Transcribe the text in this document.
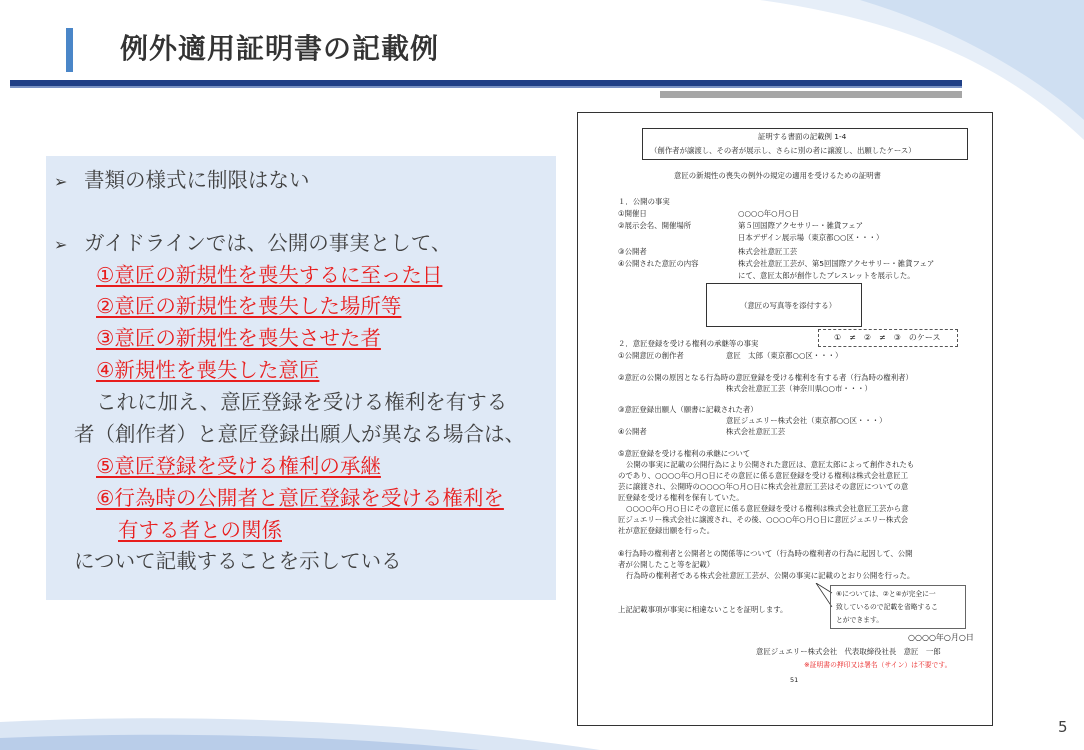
例外適用証明書の記載例
➢ 書類の様式に制限はない
➢ ガイドラインでは、公開の事実として、
①意匠の新規性を喪失するに至った日
②意匠の新規性を喪失した場所等
③意匠の新規性を喪失させた者
④新規性を喪失した意匠
これに加え、意匠登録を受ける権利を有する
者（創作者）と意匠登録出願人が異なる場合は、
⑤意匠登録を受ける権利の承継
⑥行為時の公開者と意匠登録を受ける権利を
有する者との関係
について記載することを示している
証明する書面の記載例 1-4
（創作者が譲渡し、その者が展示し、さらに別の者に譲渡し、出願したケース）
意匠の新規性の喪失の例外の規定の適用を受けるための証明書
１．公開の事実
①開催日	○○○○年○月○日
②展示会名、開催場所	第５回国際アクセサリー・雑貨フェア
日本デザイン展示場（東京都○○区・・・）
③公開者	株式会社意匠工芸
④公開された意匠の内容	株式会社意匠工芸が、第5回国際アクセサリー・雑貨フェア
にて、意匠太郎が創作したブレスレットを展示した。
（意匠の写真等を添付する）
①　≠　②　≠　③　のケース
２．意匠登録を受ける権利の承継等の事実
①公開意匠の創作者	意匠　太郎（東京都○○区・・・）
②意匠の公開の原因となる行為時の意匠登録を受ける権利を有する者（行為時の権利者）
株式会社意匠工芸（神奈川県○○市・・・）
③意匠登録出願人（願書に記載された者）
意匠ジュエリー株式会社（東京都○○区・・・）
④公開者	株式会社意匠工芸
⑤意匠登録を受ける権利の承継について
公開の事実に記載の公開行為により公開された意匠は、意匠太郎によって創作されたも
のであり、○○○○年○月○日にその意匠に係る意匠登録を受ける権利は株式会社意匠工
芸に譲渡され、公開時の○○○○年○月○日に株式会社意匠工芸はその意匠についての意
匠登録を受ける権利を保有していた。
○○○○年○月○日にその意匠に係る意匠登録を受ける権利は株式会社意匠工芸から意
匠ジュエリー株式会社に譲渡され、その後、○○○○年○月○日に意匠ジュエリー株式会
社が意匠登録出願を行った。
⑥行為時の権利者と公開者との関係等について（行為時の権利者の行為に起因して、公開
者が公開したこと等を記載）
行為時の権利者である株式会社意匠工芸が、公開の事実に記載のとおり公開を行った。
⑥については、②と④が完全に一
致しているので記載を省略するこ
とができます。
上記記載事項が事実に相違ないことを証明します。
○○○○年○月○日
意匠ジュエリー株式会社　代表取締役社長　意匠　一郎
※証明書の押印又は署名（サイン）は不要です。
51
5
